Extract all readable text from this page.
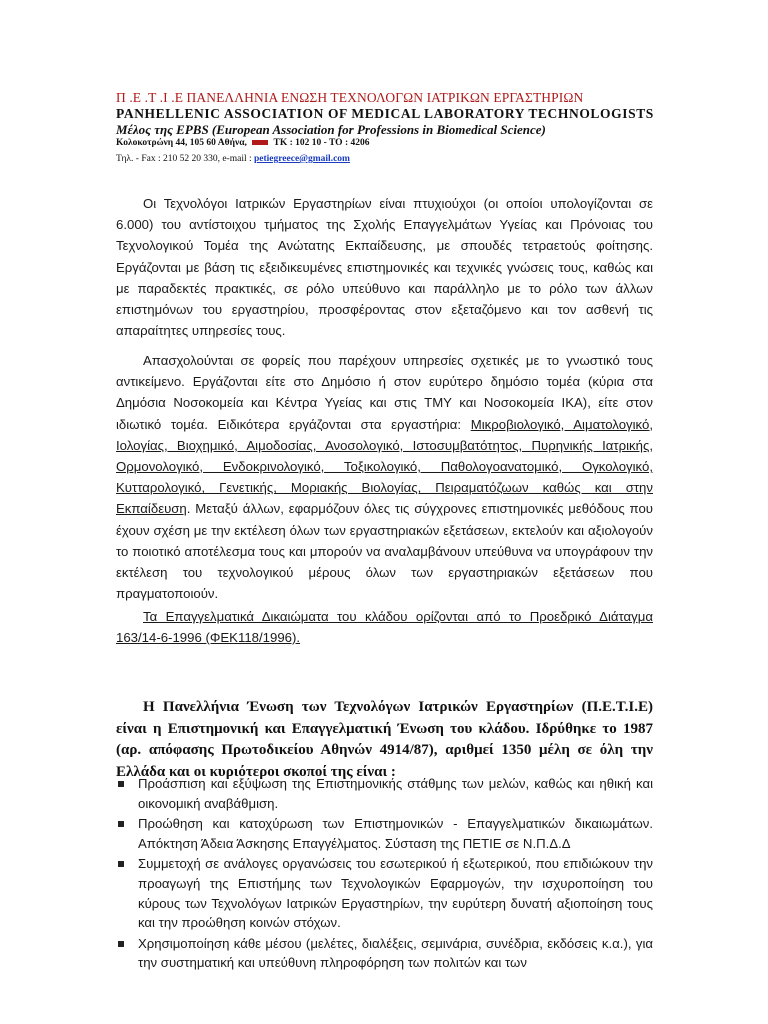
Π .Ε .Τ .Ι .Ε ΠΑΝΕΛΛΗΝΙΑ ΕΝΩΣΗ ΤΕΧΝΟΛΟΓΩΝ ΙΑΤΡΙΚΩΝ ΕΡΓΑΣΤΗΡΙΩΝ
PANHELLENIC ASSOCIATION OF MEDICAL LABORATORY TECHNOLOGISTS
Μέλος της EPBS (European Association for Professions in Biomedical Science)
Κολοκοτρώνη 44, 105 60 Αθήνα,	ΤΚ : 102 10 - ΤΟ : 4206
Τηλ. - Fax : 210 52 20 330, e-mail : petiegreece@gmail.com

Οι Τεχνολόγοι Ιατρικών Εργαστηρίων είναι πτυχιούχοι (οι οποίοι υπολογίζονται σε 6.000) του αντίστοιχου τμήματος της Σχολής Επαγγελμάτων Υγείας και Πρόνοιας του Τεχνολογικού Τομέα της Ανώτατης Εκπαίδευσης, με σπουδές τετραετούς φοίτησης. Εργάζονται με βάση τις εξειδικευμένες επιστημονικές και τεχνικές γνώσεις τους, καθώς και με παραδεκτές πρακτικές, σε ρόλο υπεύθυνο και παράλληλο με το ρόλο των άλλων επιστημόνων του εργαστηρίου, προσφέροντας στον εξεταζόμενο και τον ασθενή τις απαραίτητες υπηρεσίες τους.

Απασχολούνται σε φορείς που παρέχουν υπηρεσίες σχετικές με το γνωστικό τους αντικείμενο. Εργάζονται είτε στο Δημόσιο ή στον ευρύτερο δημόσιο τομέα (κύρια στα Δημόσια Νοσοκομεία και Κέντρα Υγείας και στις ΤΜΥ και Νοσοκομεία ΙΚΑ), είτε στον ιδιωτικό τομέα. Ειδικότερα εργάζονται στα εργαστήρια: Μικροβιολογικό, Αιματολογικό, Ιολογίας, Βιοχημικό, Αιμοδοσίας, Ανοσολογικό, Ιστοσυμβατότητος, Πυρηνικής Ιατρικής, Ορμονολογικό, Ενδοκρινολογικό, Τοξικολογικό, Παθολογοανατομικό, Ογκολογικό, Κυτταρολογικό, Γενετικής, Μοριακής Βιολογίας, Πειραματόζωων καθώς και στην Εκπαίδευση. Μεταξύ άλλων, εφαρμόζουν όλες τις σύγχρονες επιστημονικές μεθόδους που έχουν σχέση με την εκτέλεση όλων των εργαστηριακών εξετάσεων, εκτελούν και αξιολογούν το ποιοτικό αποτέλεσμα τους και μπορούν να αναλαμβάνουν υπεύθυνα να υπογράφουν την εκτέλεση του τεχνολογικού μέρους όλων των εργαστηριακών εξετάσεων που πραγματοποιούν.

Τα Επαγγελματικά Δικαιώματα του κλάδου ορίζονται από το Προεδρικό Διάταγμα 163/14-6-1996 (ΦΕΚ118/1996).

Η Πανελλήνια Ένωση των Τεχνολόγων Ιατρικών Εργαστηρίων (Π.Ε.Τ.Ι.Ε) είναι η Επιστημονική και Επαγγελματική Ένωση του κλάδου. Ιδρύθηκε το 1987 (αρ. απόφασης Πρωτοδικείου Αθηνών 4914/87), αριθμεί 1350 μέλη σε όλη την Ελλάδα και οι κυριότεροι σκοποί της είναι :

Προάσπιση και εξύψωση της Επιστημονικής στάθμης των μελών, καθώς και ηθική και οικονομική αναβάθμιση.
Προώθηση και κατοχύρωση των Επιστημονικών - Επαγγελματικών δικαιωμάτων. Απόκτηση Άδεια Άσκησης Επαγγέλματος. Σύσταση της ΠΕΤΙΕ σε Ν.Π.Δ.Δ
Συμμετοχή σε ανάλογες οργανώσεις του εσωτερικού ή εξωτερικού, που επιδιώκουν την προαγωγή της Επιστήμης των Τεχνολογικών Εφαρμογών, την ισχυροποίηση του κύρους των Τεχνολόγων Ιατρικών Εργαστηρίων, την ευρύτερη δυνατή αξιοποίηση τους και την προώθηση κοινών στόχων.
Χρησιμοποίηση κάθε μέσου (μελέτες, διαλέξεις, σεμινάρια, συνέδρια, εκδόσεις κ.α.), για την συστηματική και υπεύθυνη πληροφόρηση των πολιτών και των
